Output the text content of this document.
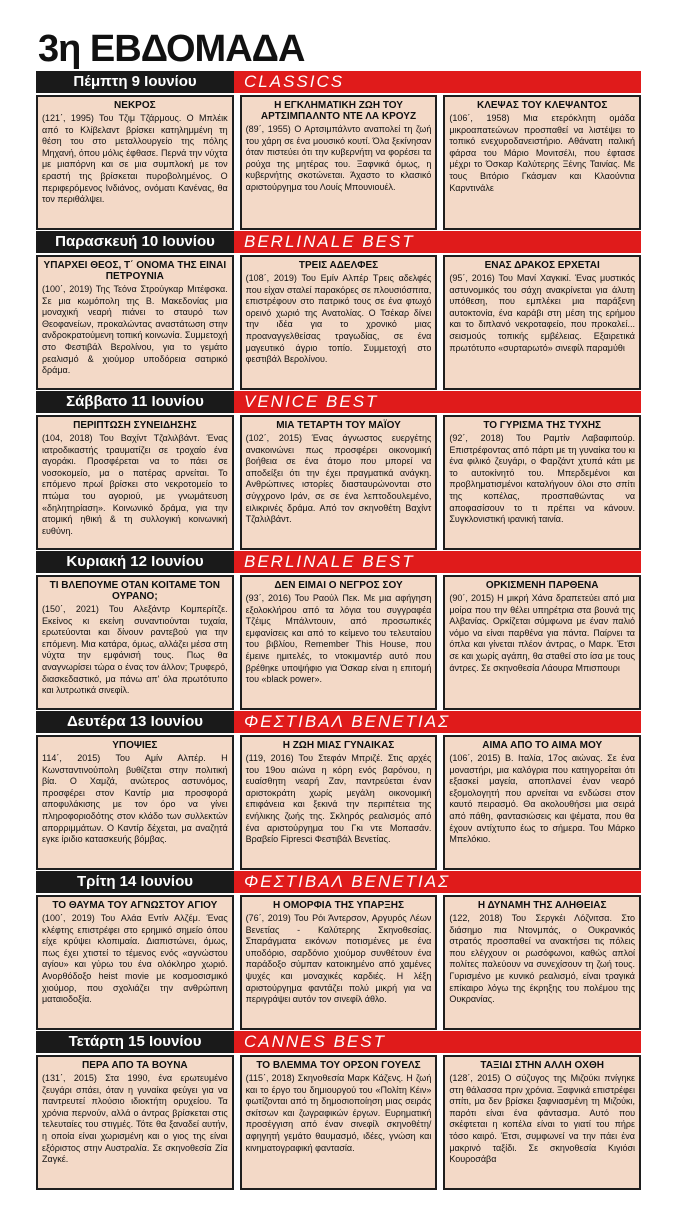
3η ΕΒΔΟΜΑΔΑ
Πέμπτη 9 Ιουνίου	CLASSICS
ΝΕΚΡΟΣ
(121΄, 1995) Του Τζιμ Τζάρμους. Ο Μπλέικ από το Κλίβελαντ βρίσκει κατηλημμένη τη θέση του στο μεταλλουργείο της πόλης Μηχανή, όπου μόλις έφθασε. Περνά την νύχτα με μιαπόρνη και σε μια συμπλοκή με τον εραστή της βρίσκεται πυροβολημένος. Ο περιφερόμενος Ινδιάνος, ονόματι Κανένας, θα τον περιθάλψει.
Η ΕΓΚΛΗΜΑΤΙΚΗ ΖΩΗ ΤΟΥ ΑΡΤΣΙΜΠΑΛΝΤΟ ΝΤΕ ΛΑ ΚΡΟΥΖ
(89΄, 1955) Ο Αρτσιμπάλντο αναπολεί τη ζωή του χάρη σε ένα μουσικό κουτί. Όλα ξεκίνησαν όταν πιστεύει ότι την κυβερνήτη να φορέσει τα ρούχα της μητέρας του. Ξαφνικά όμως, η κυβερνήτης σκοτώνεται. Άχαστο το κλασικό αριστούργημα του Λουίς Μπουνιουέλ.
ΚΛΕΨΑΣ ΤΟΥ ΚΛΕΨΑΝΤΟΣ
(106΄, 1958) Μια ετερόκλητη ομάδα μικροαπατεώνων προσπαθεί να λιστέψει το τοπικό ενεχυροδανειστήριο. Αθάνατη ιταλική φάρσα του Μάριο Μονιτσέλι, που έφτασε μέχρι το Όσκαρ Καλύτερης Ξένης Ταινίας. Με τους Βιτόριο Γκάσμαν και Κλαούντια Καρντινάλε
Παρασκευή 10 Ιουνίου	BERLINALE BEST
ΥΠΑΡΧΕΙ ΘΕΟΣ, Τ΄ ΟΝΟΜΑ ΤΗΣ ΕΙΝΑΙ ΠΕΤΡΟΥΝΙΑ
(100΄, 2019) Της Τεόνα Στρούγκαρ Μιτέφσκα. Σε μια κωμόπολη της Β. Μακεδονίας μια μοναχική νεαρή πιάνει το σταυρό των Θεοφανείων, προκαλώντας αναστάτωση στην ανδροκρατούμενη τοπική κοινωνία. Συμμετοχή στο Φεστιβάλ Βερολίνου, για το γεμάτο ρεαλισμό & χιούμορ υποδόρεια σατιρικό δράμα.
ΤΡΕΙΣ ΑΔΕΛΦΕΣ
(108΄, 2019) Του Εμίν Αλπέρ Τρεις αδελφές που είχαν σταλεί παρακόρες σε πλουσιόσπιτα, επιστρέφουν στο πατρικό τους σε ένα φτωχό ορεινό χωριό της Ανατολίας. Ο Τσέκαρ δίνει την ιδέα για το χρονικό μιας προαναγγελθείσας τραγωδίας, σε ένα μαγευτικό άγριο τοπίο. Συμμετοχή στο φεστιβάλ Βερολίνου.
ΕΝΑΣ ΔΡΑΚΟΣ ΕΡΧΕΤΑΙ
(95΄, 2016) Του Μανί Χαγκικί. Ένας μυστικός αστυνομικός του σάχη ανακρίνεται για άλυτη υπόθεση, που εμπλέκει μια παράξενη αυτοκτονία, ένα καράβι στη μέση της ερήμου και το διπλανό νεκροταφείο, που προκαλεί... σεισμούς τοπικής εμβέλειας. Εξαιρετικά πρωτότυπο «συρταρωτό» σινεφίλ παραμύθι
Σάββατο 11 Ιουνίου	VENICE BEST
ΠΕΡΙΠΤΩΣΗ ΣΥΝΕΙΔΗΣΗΣ
(104, 2018) Του Βαχίντ Τζαλιλβάντ. Ένας ιατροδικαστής τραυματίζει σε τροχαίο ένα αγοράκι. Προσφέρεται να το πάει σε νοσοκομείο, μα ο πατέρας αρνείται. Το επόμενο πρωί βρίσκει στο νεκροτομείο το πτώμα του αγοριού, με γνωμάτευση «δηλητηρίαση». Κοινωνικό δράμα, για την ατομική ηθική & τη συλλογική κοινωνική ευθύνη.
ΜΙΑ ΤΕΤΑΡΤΗ ΤΟΥ ΜΑΪΟΥ
(102΄, 2015) Ένας άγνωστος ευεργέτης ανακοινώνει πως προσφέρει οικονομική βοήθεια σε ένα άτομο που μπορεί να αποδείξει ότι την έχει πραγματικά ανάγκη. Ανθρώπινες ιστορίες διασταυρώνονται στο σύγχρονο Ιράν, σε σε ένα λεπτοδουλεμένο, ειλικρινές δράμα. Από τον σκηνοθέτη Βαχίντ Τζαλιλβάντ.
ΤΟ ΓΥΡΙΣΜΑ ΤΗΣ ΤΥΧΗΣ
(92΄, 2018) Του Ραμτίν Λαβαφιπούρ. Επιστρέφοντας από πάρτι με τη γυναίκα του κι ένα φιλικό ζευγάρι, ο Φαρζάντ χτυπά κάτι με το αυτοκίνητό του. Μπερδεμένοι και προβληματισμένοι καταλήγουν όλοι στο σπίτι της κοπέλας, προσπαθώντας να αποφασίσουν το τι πρέπει να κάνουν. Συγκλονιστική ιρανική ταινία.
Κυριακή 12 Ιουνίου	BERLINALE BEST
ΤΙ ΒΛΕΠΟΥΜΕ ΟΤΑΝ ΚΟΙΤΑΜΕ ΤΟΝ ΟΥΡΑΝΟ;
(150΄, 2021) Του Αλεξάντρ Κομπερίτζε. Εκείνος κι εκείνη συναντιούνται τυχαία, ερωτεύονται και δίνουν ραντεβού για την επόμενη. Μια κατάρα, όμως, αλλάζει μέσα στη νύχτα την εμφάνισή τους. Πως θα αναγνωρίσει τώρα ο ένας τον άλλον; Τρυφερό, διασκεδαστικό, μα πάνω απ' όλα πρωτότυπο και λυτρωτικά σινεφίλ.
ΔΕΝ ΕΙΜΑΙ Ο ΝΕΓΡΟΣ ΣΟΥ
(93΄, 2016) Του Ραούλ Πεκ. Με μια αφήγηση εξολοκλήρου από τα λόγια του συγγραφέα Τζέιμς Μπάλντουιν, από προσωπικές εμφανίσεις και από το κείμενο του τελευταίου του βιβλίου, Remember This House, που έμεινε ημιτελές, το ντοκιμαντέρ αυτό που βρέθηκε υποψήφιο για Όσκαρ είναι η επιτομή του «black power».
ΟΡΚΙΣΜΕΝΗ ΠΑΡΘΕΝΑ
(90΄, 2015) Η μικρή Χάνα δραπετεύει από μια μοίρα που την θέλει υπηρέτρια στα βουνά της Αλβανίας. Ορκίζεται σύμφωνα με έναν παλιό νόμο να είναι παρθένα για πάντα. Παίρνει τα όπλα και γίνεται πλέον άντρας, ο Μαρκ. Έτσι σε και χωρίς αγάπη, θα σταθεί στο ίσα με τους άντρες. Σε σκηνοθεσία Λάουρα Μπισπουρι
Δευτέρα 13 Ιουνίου	ΦΕΣΤΙΒΑΛ ΒΕΝΕΤΙΑΣ
ΥΠΟΨΙΕΣ
114΄, 2015) Του Αμίν Αλπέρ. Η Κωνσταντινούπολη βυθίζεται στην πολιτική βία. Ο Χαμζά, ανώτερος αστυνόμος, προσφέρει στον Καντίρ μια προσφορά αποφυλάκισης με τον όρο να γίνει πληροφοριοδότης στον κλάδο των συλλεκτών απορριμμάτων. Ο Καντίρ δέχεται, μα αναζητά εγκε ίριδιο κατασκευής βόμβας.
Η ΖΩΗ ΜΙΑΣ ΓΥΝΑΙΚΑΣ
(119, 2016) Του Στεφάν Μπριζέ. Στις αρχές του 19ου αιώνα η κόρη ενός βαρόνου, η ευαίσθητη νεαρή Ζαν, παντρεύεται έναν αριστοκράτη χωρίς μεγάλη οικονομική επιφάνεια και ξεκινά την περιπέτεια της ενήλικης ζωής της. Σκληρός ρεαλισμός από ένα αριστούργημα του Γκι ντε Μοπασάν. Βραβείο Fipresci Φεστιβάλ Βενετίας.
ΑΙΜΑ ΑΠΟ ΤΟ ΑΙΜΑ ΜΟΥ
(106΄, 2015) Β. Ιταλία, 17ος αιώνας. Σε ένα μοναστήρι, μια καλόγρια που κατηγορείται ότι εξασκεί μαγεία, αποπλανεί έναν νεαρό εξομολογητή που αρνείται να ενδώσει στον καυτό πειρασμό. Θα ακολουθήσει μια σειρά από πάθη, φαντασιώσεις και ψέματα, που θα έχουν αντίχτυπο έως το σήμερα. Του Μάρκο Μπελόκιο.
Τρίτη 14 Ιουνίου	ΦΕΣΤΙΒΑΛ ΒΕΝΕΤΙΑΣ
ΤΟ ΘΑΥΜΑ ΤΟΥ ΑΓΝΩΣΤΟΥ ΑΓΙΟΥ
(100΄, 2019) Του Αλάα Εντίν Αλζέμ. Ένας κλέφτης επιστρέφει στο ερημικό σημείο όπου είχε κρύψει κλοπιμαία. Διαπιστώνει, όμως, πως έχει χτιστεί το τέμενος ενός «αγνώστου αγίου» και γύρω του ένα ολόκληρο χωριό. Ανορθόδοξο heist movie με κοσμοσισμικό χιούμορ, που σχολιάζει την ανθρώπινη ματαιοδοξία.
Η ΟΜΟΡΦΙΑ ΤΗΣ ΥΠΑΡΞΗΣ
(76΄, 2019) Του Ρόι Άντερσον, Αργυρός Λέων Βενετίας - Καλύτερης Σκηνοθεσίας. Σπαράγματα εικόνων ποτισμένες με ένα υποδόριο, σαρδόνιο χιούμορ συνθέτουν ένα παράδοξο σύμπαν κατοικημένο από χαμένες ψυχές και μοναχικές καρδιές. Η λέξη αριστούργημα φαντάζει πολύ μικρή για να περιγράψει αυτόν τον σινεφίλ άθλο.
Η ΔΥΝΑΜΗ ΤΗΣ ΑΛΗΘΕΙΑΣ
(122, 2018) Του Σεργκέι Λόζνιτσα. Στο διάσημο πια Ντονμπάς, ο Ουκρανικός στρατός προσπαθεί να ανακτήσει τις πόλεις που ελέγχουν οι ρωσόφωνοι, καθώς απλοί πολίτες παλεύουν να συνεχίσουν τη ζωή τους. Γυρισμένο με κυνικό ρεαλισμό, είναι τραγικά επίκαιρο λόγω της έκρηξης του πολέμου της Ουκρανίας.
Τετάρτη 15 Ιουνίου	CANNES BEST
ΠΕΡΑ ΑΠΟ ΤΑ ΒΟΥΝΑ
(131΄, 2015) Στα 1990, ένα ερωτευμένο ζευγάρι σπάει, όταν η γυναίκα φεύγει για να παντρευτεί πλούσιο ιδιοκτήτη ορυχείου. Τα χρόνια περνούν, αλλά ο άντρας βρίσκεται στις τελευταίες του στιγμές. Τότε θα ξαναδεί αυτήν, η οποία είναι χωρισμένη και ο γιος της είναι εξόριστος στην Αυστραλία. Σε σκηνοθεσία Ζία Ζαγκέ.
ΤΟ ΒΛΕΜΜΑ ΤΟΥ ΟΡΣΟΝ ΓΟΥΕΛΣ
(115΄, 2018) Σκηνοθεσία Μαρκ Κάζενς. Η ζωή και το έργο του δημιουργού του «Πολίτη Κέιν» φωτίζονται από τη δημοσιοποίηση μιας σειράς σκίτσων και ζωγραφικών έργων. Ευρηματική προσέγγιση από έναν σινεφίλ σκηνοθέτη/αφηγητή γεμάτο θαυμασμό, ιδέες, γνώση και κινηματογραφική φαντασία.
ΤΑΞΙΔΙ ΣΤΗΝ ΑΛΛΗ ΟΧΘΗ
(128΄, 2015) Ο σύζυγος της Μιζούκι πνίγηκε στη θάλασσα πριν χρόνια. Ξαφνικά επιστρέφει σπίτι, μα δεν βρίσκει ξαφνιασμένη τη Μιζούκι, παρότι είναι ένα φάντασμα. Αυτό που σκέφτεται η κοπέλα είναι το γιατί του πήρε τόσο καιρό. Έτσι, συμφωνεί να την πάει ένα μακρινό ταξίδι. Σε σκηνοθεσία Κιγιόσι Κουροσάβα
